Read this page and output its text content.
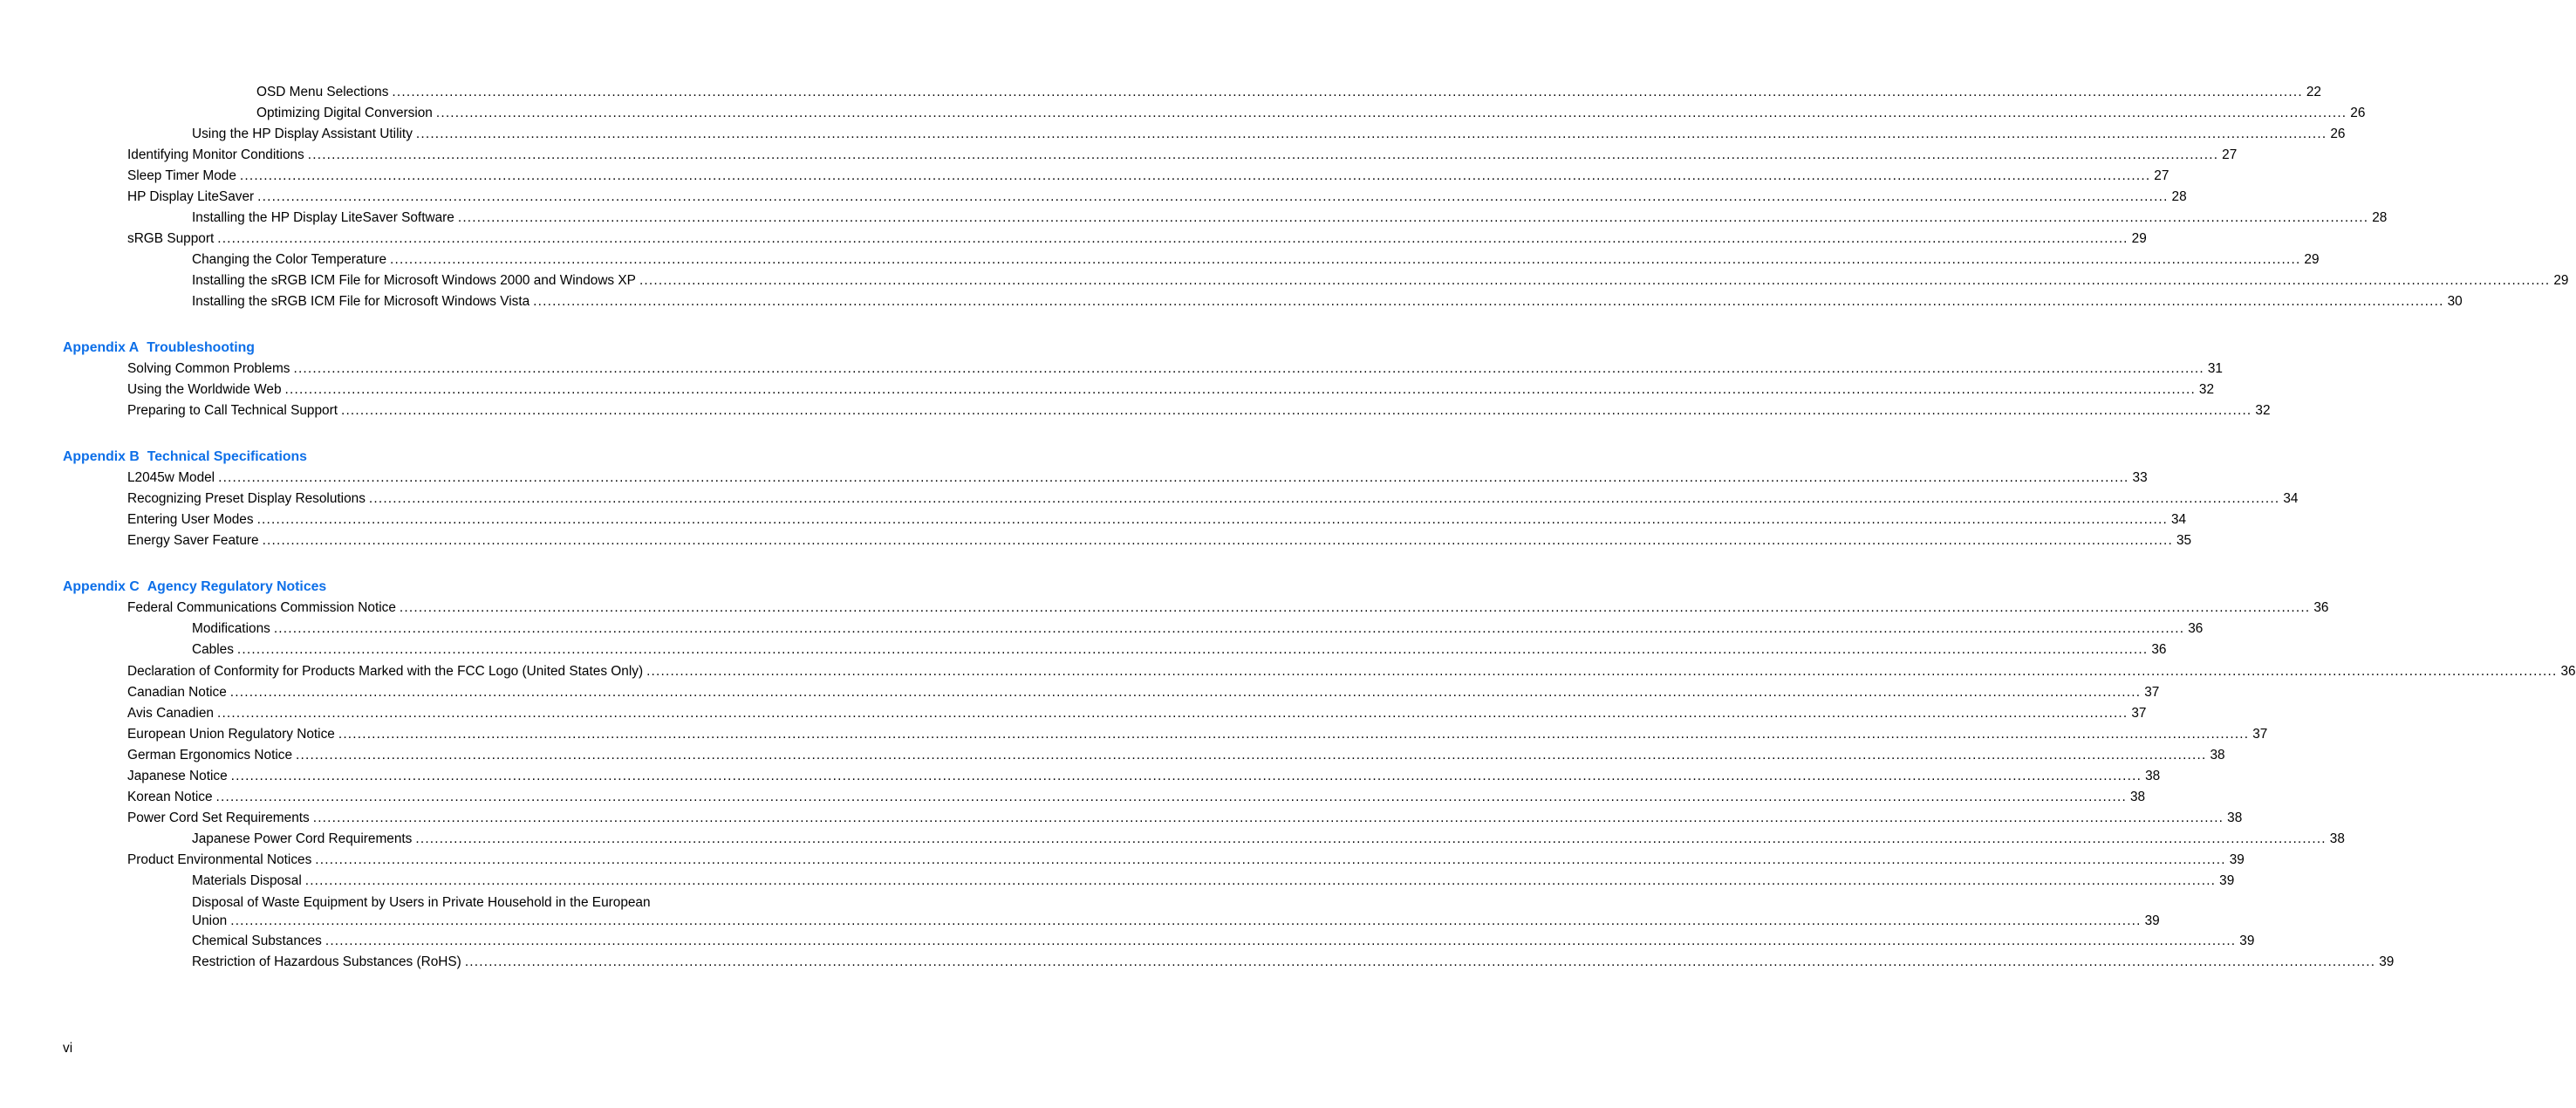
OSD Menu Selections ................................................................................................................................................................................................................................................................................................................................................................................................................ 22
Optimizing Digital Conversion ................................................................................................................................................................................................................................................................................................................................................................................................................ 26
Using the HP Display Assistant Utility ................................................................................................................................................................................................................................................................................................................................................................................................................ 26
Identifying Monitor Conditions ................................................................................................................................................................................................................................................................................................................................................................................................................ 27
Sleep Timer Mode ................................................................................................................................................................................................................................................................................................................................................................................................................ 27
HP Display LiteSaver ................................................................................................................................................................................................................................................................................................................................................................................................................ 28
Installing the HP Display LiteSaver Software ................................................................................................................................................................................................................................................................................................................................................................................................................ 28
sRGB Support ................................................................................................................................................................................................................................................................................................................................................................................................................ 29
Changing the Color Temperature ................................................................................................................................................................................................................................................................................................................................................................................................................ 29
Installing the sRGB ICM File for Microsoft Windows 2000 and Windows XP ................................................................................................................................................................................................................................................................................................................................................................................................................ 29
Installing the sRGB ICM File for Microsoft Windows Vista ................................................................................................................................................................................................................................................................................................................................................................................................................ 30
Appendix A Troubleshooting
Solving Common Problems ................................................................................................................................................................................................................................................................................................................................................................................................................ 31
Using the Worldwide Web ................................................................................................................................................................................................................................................................................................................................................................................................................ 32
Preparing to Call Technical Support ................................................................................................................................................................................................................................................................................................................................................................................................................ 32
Appendix B Technical Specifications
L2045w Model ................................................................................................................................................................................................................................................................................................................................................................................................................ 33
Recognizing Preset Display Resolutions ................................................................................................................................................................................................................................................................................................................................................................................................................ 34
Entering User Modes ................................................................................................................................................................................................................................................................................................................................................................................................................ 34
Energy Saver Feature ................................................................................................................................................................................................................................................................................................................................................................................................................ 35
Appendix C Agency Regulatory Notices
Federal Communications Commission Notice ................................................................................................................................................................................................................................................................................................................................................................................................................ 36
Modifications ................................................................................................................................................................................................................................................................................................................................................................................................................ 36
Cables ................................................................................................................................................................................................................................................................................................................................................................................................................ 36
Declaration of Conformity for Products Marked with the FCC Logo (United States Only) ................................................................................................................................................................................................................................................................................................................................................................................................................ 36
Canadian Notice ................................................................................................................................................................................................................................................................................................................................................................................................................ 37
Avis Canadien ................................................................................................................................................................................................................................................................................................................................................................................................................ 37
European Union Regulatory Notice ................................................................................................................................................................................................................................................................................................................................................................................................................ 37
German Ergonomics Notice ................................................................................................................................................................................................................................................................................................................................................................................................................ 38
Japanese Notice ................................................................................................................................................................................................................................................................................................................................................................................................................ 38
Korean Notice ................................................................................................................................................................................................................................................................................................................................................................................................................ 38
Power Cord Set Requirements ................................................................................................................................................................................................................................................................................................................................................................................................................ 38
Japanese Power Cord Requirements ................................................................................................................................................................................................................................................................................................................................................................................................................ 38
Product Environmental Notices ................................................................................................................................................................................................................................................................................................................................................................................................................ 39
Materials Disposal ................................................................................................................................................................................................................................................................................................................................................................................................................ 39
Disposal of Waste Equipment by Users in Private Household in the European
Union ................................................................................................................................................................................................................................................................................................................................................................................................................ 39
Chemical Substances ................................................................................................................................................................................................................................................................................................................................................................................................................ 39
Restriction of Hazardous Substances (RoHS) ................................................................................................................................................................................................................................................................................................................................................................................................................ 39
vi
